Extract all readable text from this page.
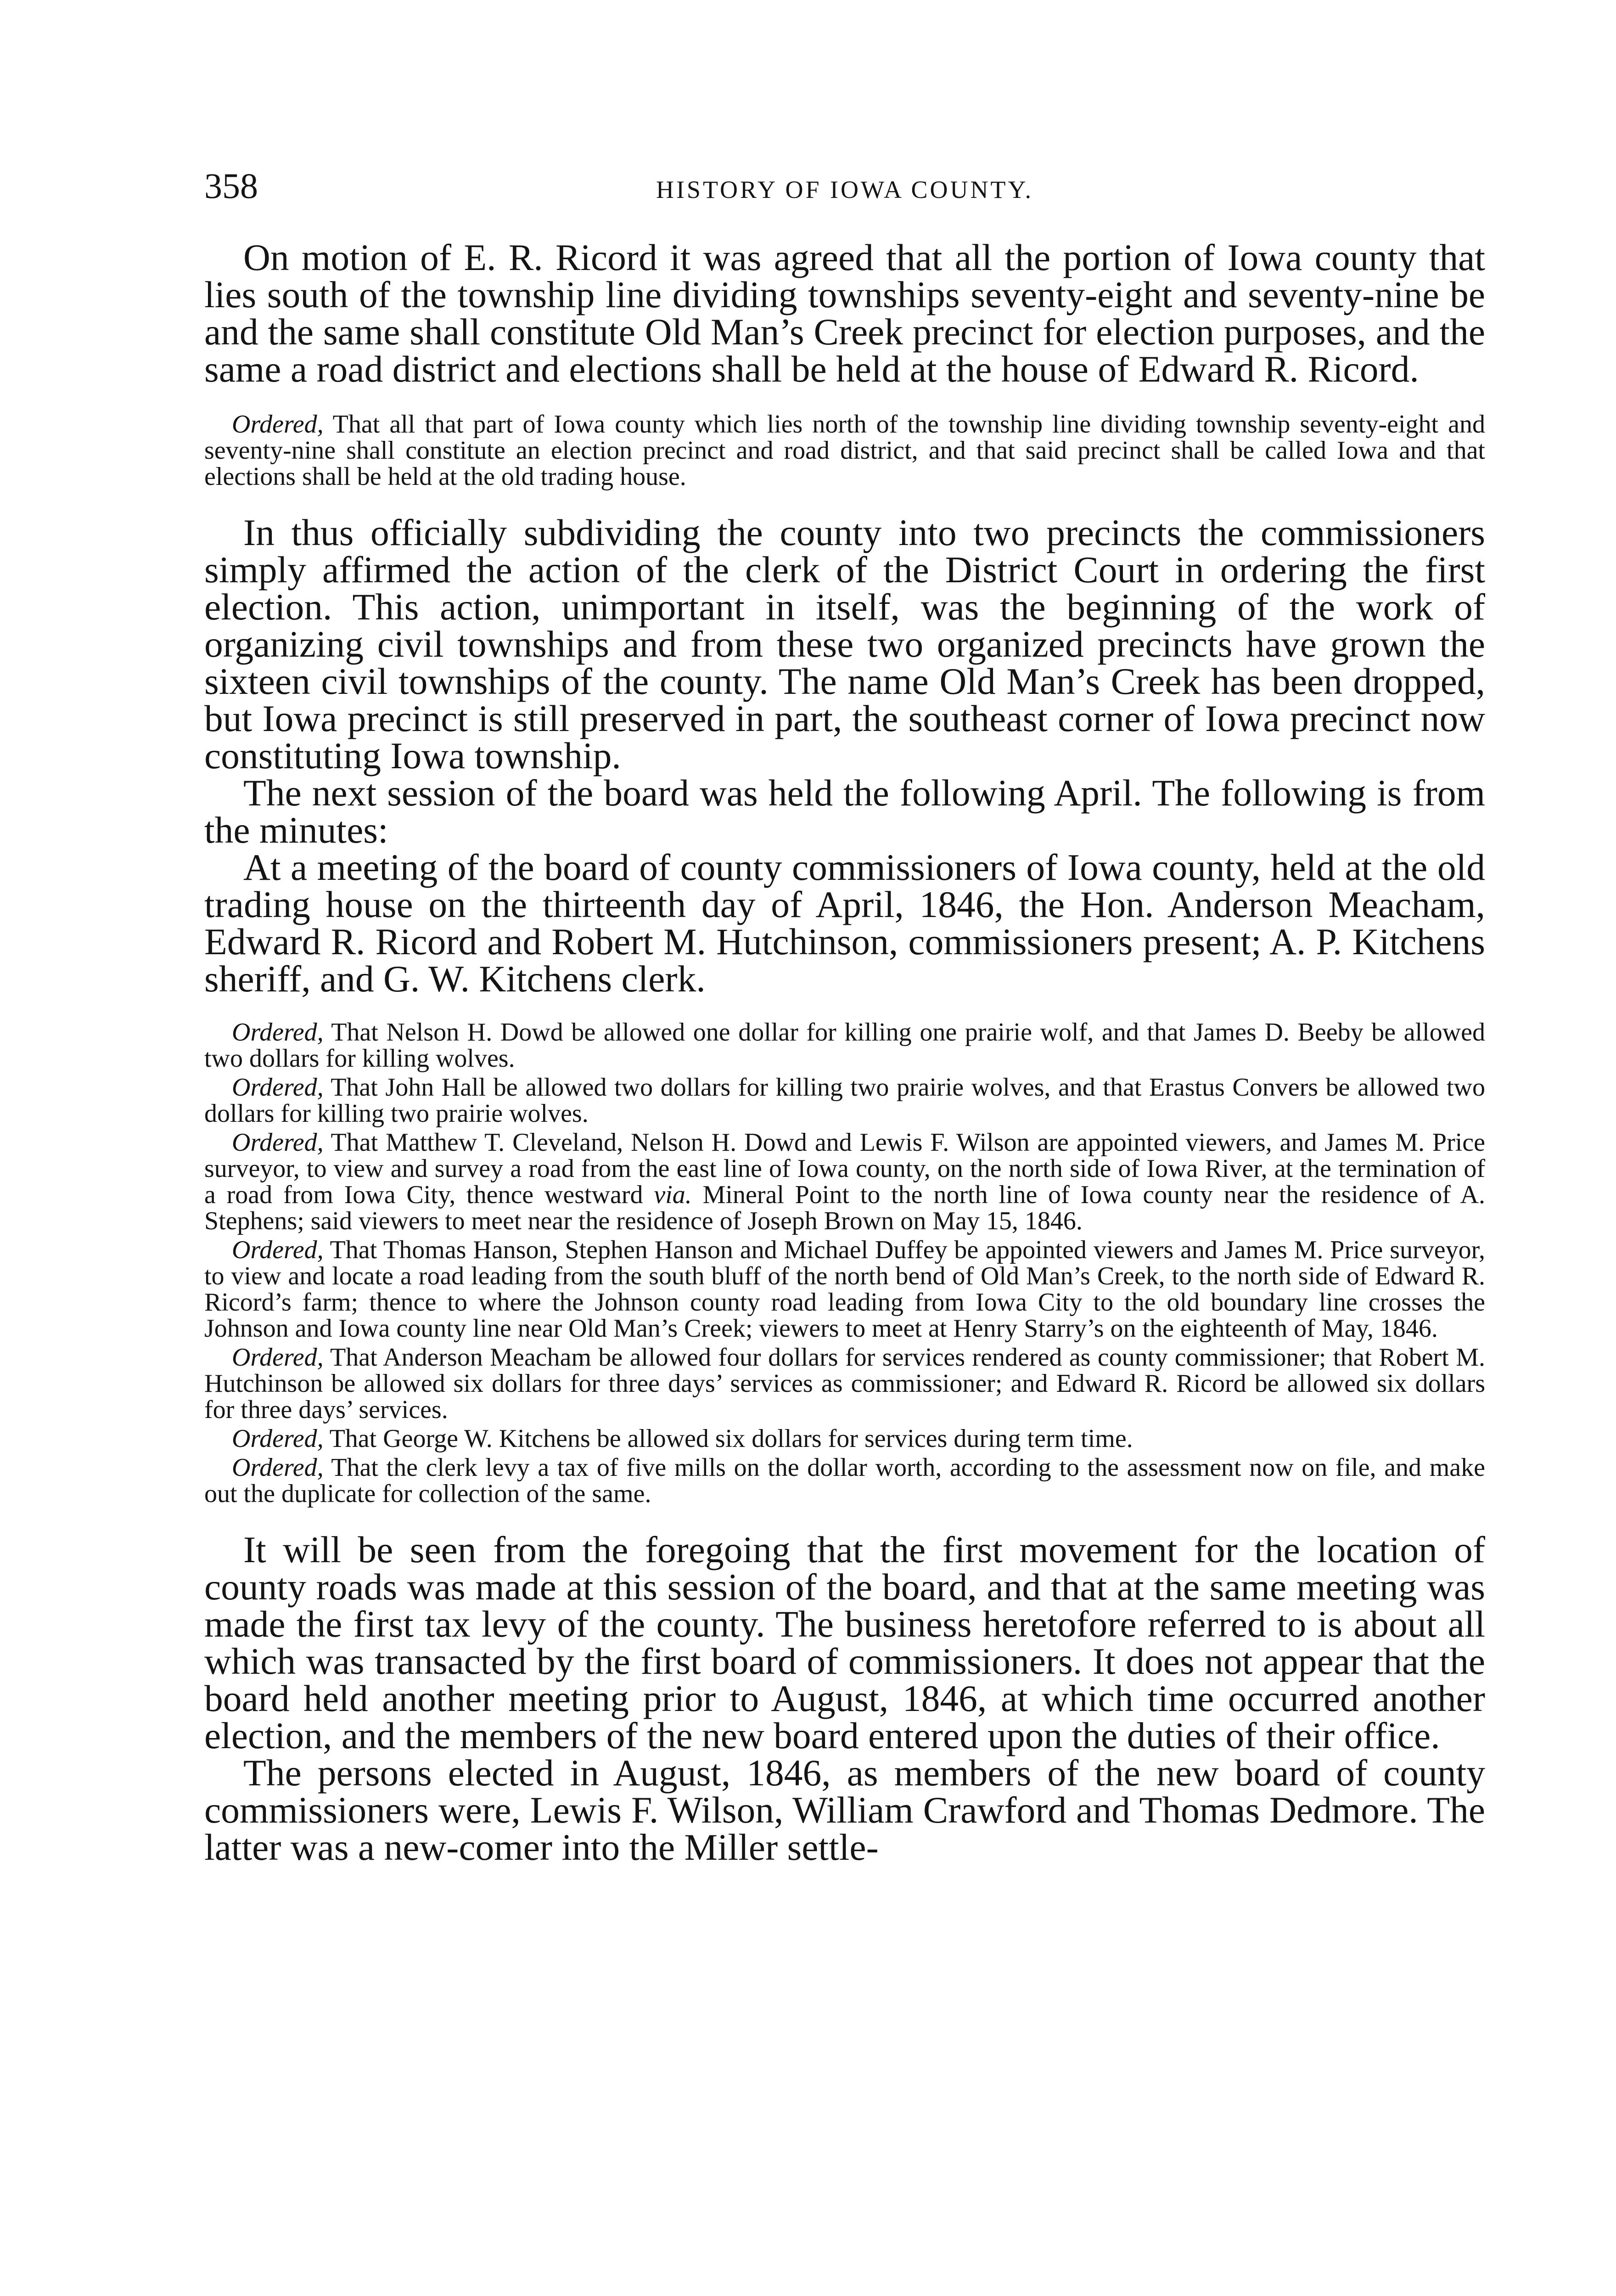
358	HISTORY OF IOWA COUNTY.

On motion of E. R. Ricord it was agreed that all the portion of Iowa county that lies south of the township line dividing townships seventy-eight and seventy-nine be and the same shall constitute Old Man’s Creek precinct for election purposes, and the same a road district and elections shall be held at the house of Edward R. Ricord.

Ordered, That all that part of Iowa county which lies north of the township line dividing township seventy-eight and seventy-nine shall constitute an election precinct and road district, and that said precinct shall be called Iowa and that elections shall be held at the old trading house.

In thus officially subdividing the county into two precincts the commissioners simply affirmed the action of the clerk of the District Court in ordering the first election. This action, unimportant in itself, was the beginning of the work of organizing civil townships and from these two organized precincts have grown the sixteen civil townships of the county. The name Old Man’s Creek has been dropped, but Iowa precinct is still preserved in part, the southeast corner of Iowa precinct now constituting Iowa township.

The next session of the board was held the following April. The following is from the minutes:

At a meeting of the board of county commissioners of Iowa county, held at the old trading house on the thirteenth day of April, 1846, the Hon. Anderson Meacham, Edward R. Ricord and Robert M. Hutchinson, commissioners present; A. P. Kitchens sheriff, and G. W. Kitchens clerk.

Ordered, That Nelson H. Dowd be allowed one dollar for killing one prairie wolf, and that James D. Beeby be allowed two dollars for killing wolves.

Ordered, That John Hall be allowed two dollars for killing two prairie wolves, and that Erastus Convers be allowed two dollars for killing two prairie wolves.

Ordered, That Matthew T. Cleveland, Nelson H. Dowd and Lewis F. Wilson are appointed viewers, and James M. Price surveyor, to view and survey a road from the east line of Iowa county, on the north side of Iowa River, at the termination of a road from Iowa City, thence westward via. Mineral Point to the north line of Iowa county near the residence of A. Stephens; said viewers to meet near the residence of Joseph Brown on May 15, 1846.

Ordered, That Thomas Hanson, Stephen Hanson and Michael Duffey be appointed viewers and James M. Price surveyor, to view and locate a road leading from the south bluff of the north bend of Old Man’s Creek, to the north side of Edward R. Ricord’s farm; thence to where the Johnson county road leading from Iowa City to the old boundary line crosses the Johnson and Iowa county line near Old Man’s Creek; viewers to meet at Henry Starry’s on the eighteenth of May, 1846.

Ordered, That Anderson Meacham be allowed four dollars for services rendered as county commissioner; that Robert M. Hutchinson be allowed six dollars for three days’ services as commissioner; and Edward R. Ricord be allowed six dollars for three days’ services.

Ordered, That George W. Kitchens be allowed six dollars for services during term time.

Ordered, That the clerk levy a tax of five mills on the dollar worth, according to the assessment now on file, and make out the duplicate for collection of the same.

It will be seen from the foregoing that the first movement for the location of county roads was made at this session of the board, and that at the same meeting was made the first tax levy of the county. The business heretofore referred to is about all which was transacted by the first board of commissioners. It does not appear that the board held another meeting prior to August, 1846, at which time occurred another election, and the members of the new board entered upon the duties of their office.

The persons elected in August, 1846, as members of the new board of county commissioners were, Lewis F. Wilson, William Crawford and Thomas Dedmore. The latter was a new-comer into the Miller settle-
